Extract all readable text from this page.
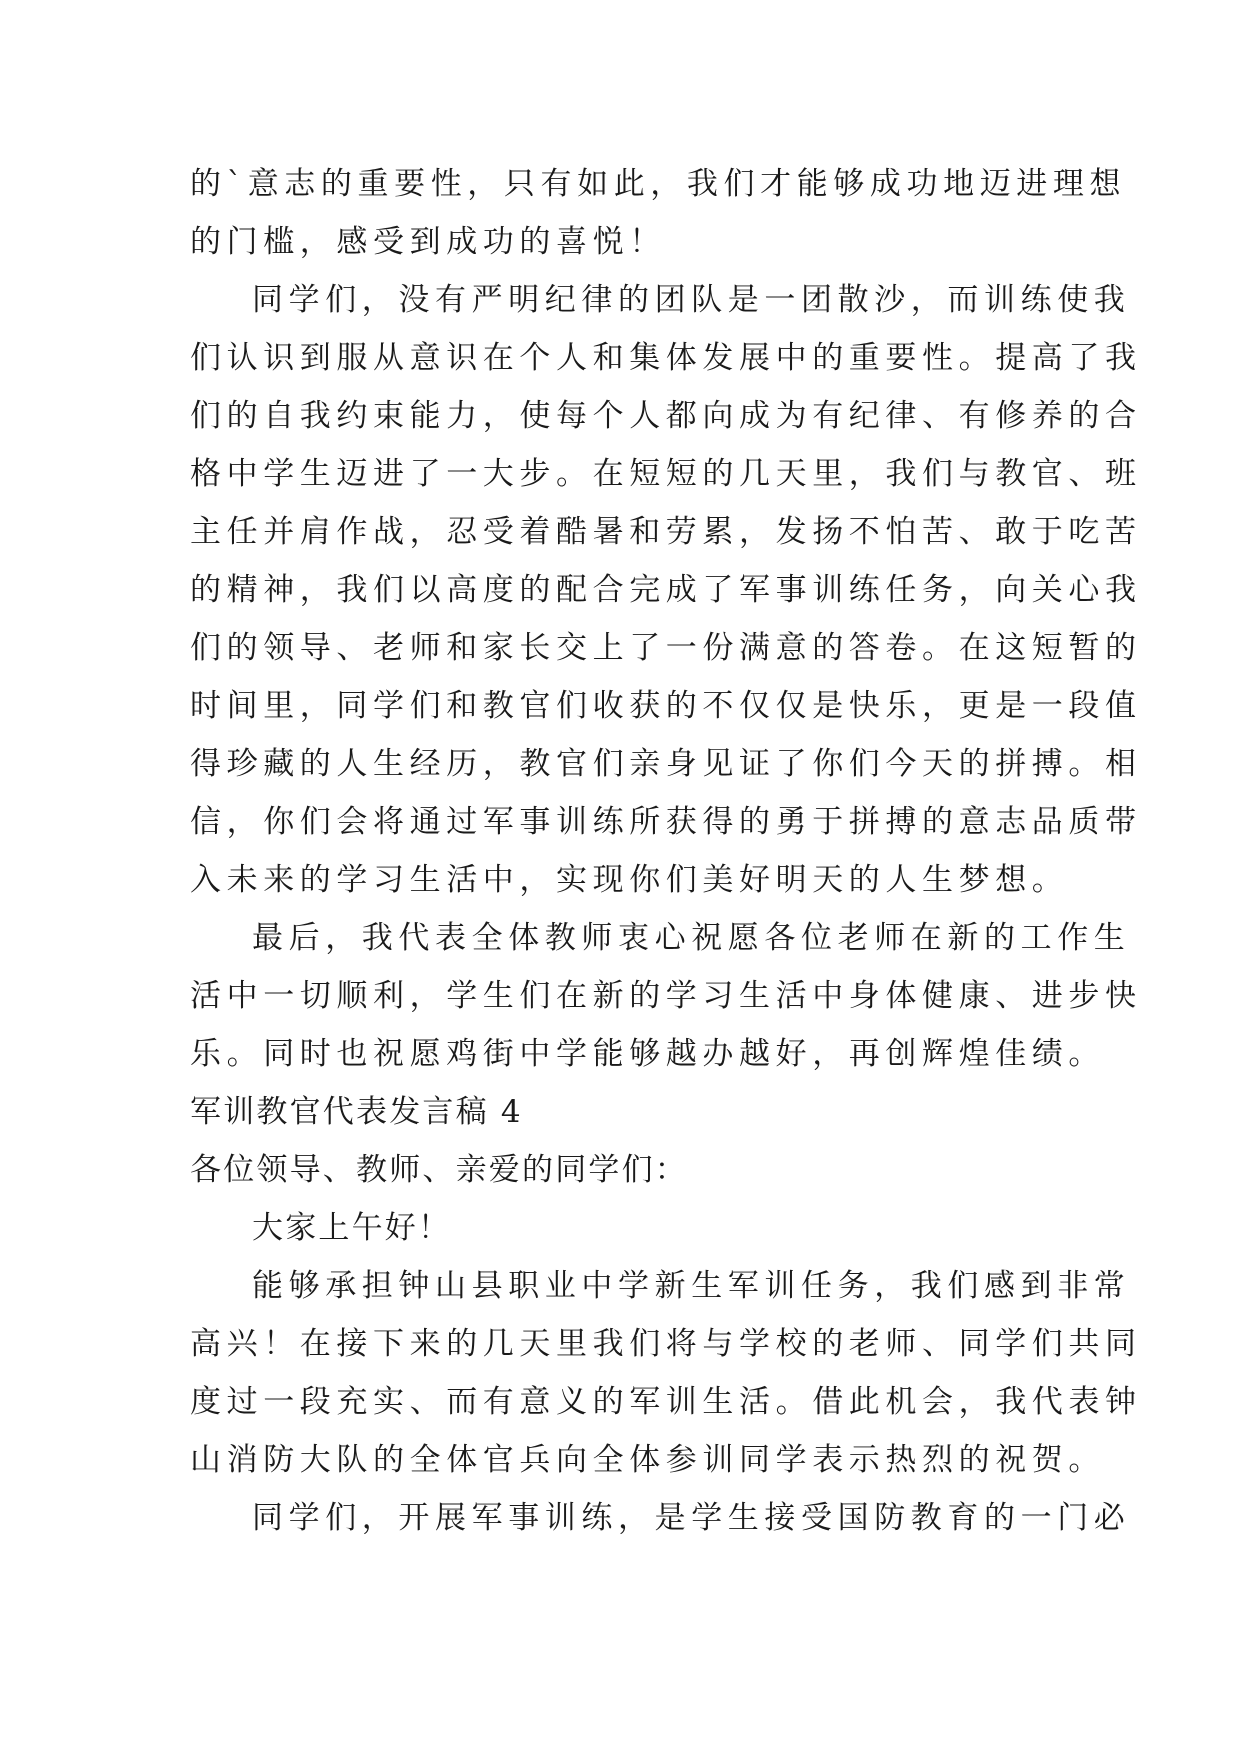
的`意志的重要性，只有如此，我们才能够成功地迈进理想
的门槛，感受到成功的喜悦！
同学们，没有严明纪律的团队是一团散沙，而训练使我
们认识到服从意识在个人和集体发展中的重要性。提高了我
们的自我约束能力，使每个人都向成为有纪律、有修养的合
格中学生迈进了一大步。在短短的几天里，我们与教官、班
主任并肩作战，忍受着酷暑和劳累，发扬不怕苦、敢于吃苦
的精神，我们以高度的配合完成了军事训练任务，向关心我
们的领导、老师和家长交上了一份满意的答卷。在这短暂的
时间里，同学们和教官们收获的不仅仅是快乐，更是一段值
得珍藏的人生经历，教官们亲身见证了你们今天的拼搏。相
信，你们会将通过军事训练所获得的勇于拼搏的意志品质带
入未来的学习生活中，实现你们美好明天的人生梦想。
最后，我代表全体教师衷心祝愿各位老师在新的工作生
活中一切顺利，学生们在新的学习生活中身体健康、进步快
乐。同时也祝愿鸡街中学能够越办越好，再创辉煌佳绩。
军训教官代表发言稿 4
各位领导、教师、亲爱的同学们：
大家上午好！
能够承担钟山县职业中学新生军训任务，我们感到非常
高兴！在接下来的几天里我们将与学校的老师、同学们共同
度过一段充实、而有意义的军训生活。借此机会，我代表钟
山消防大队的全体官兵向全体参训同学表示热烈的祝贺。
同学们，开展军事训练，是学生接受国防教育的一门必
